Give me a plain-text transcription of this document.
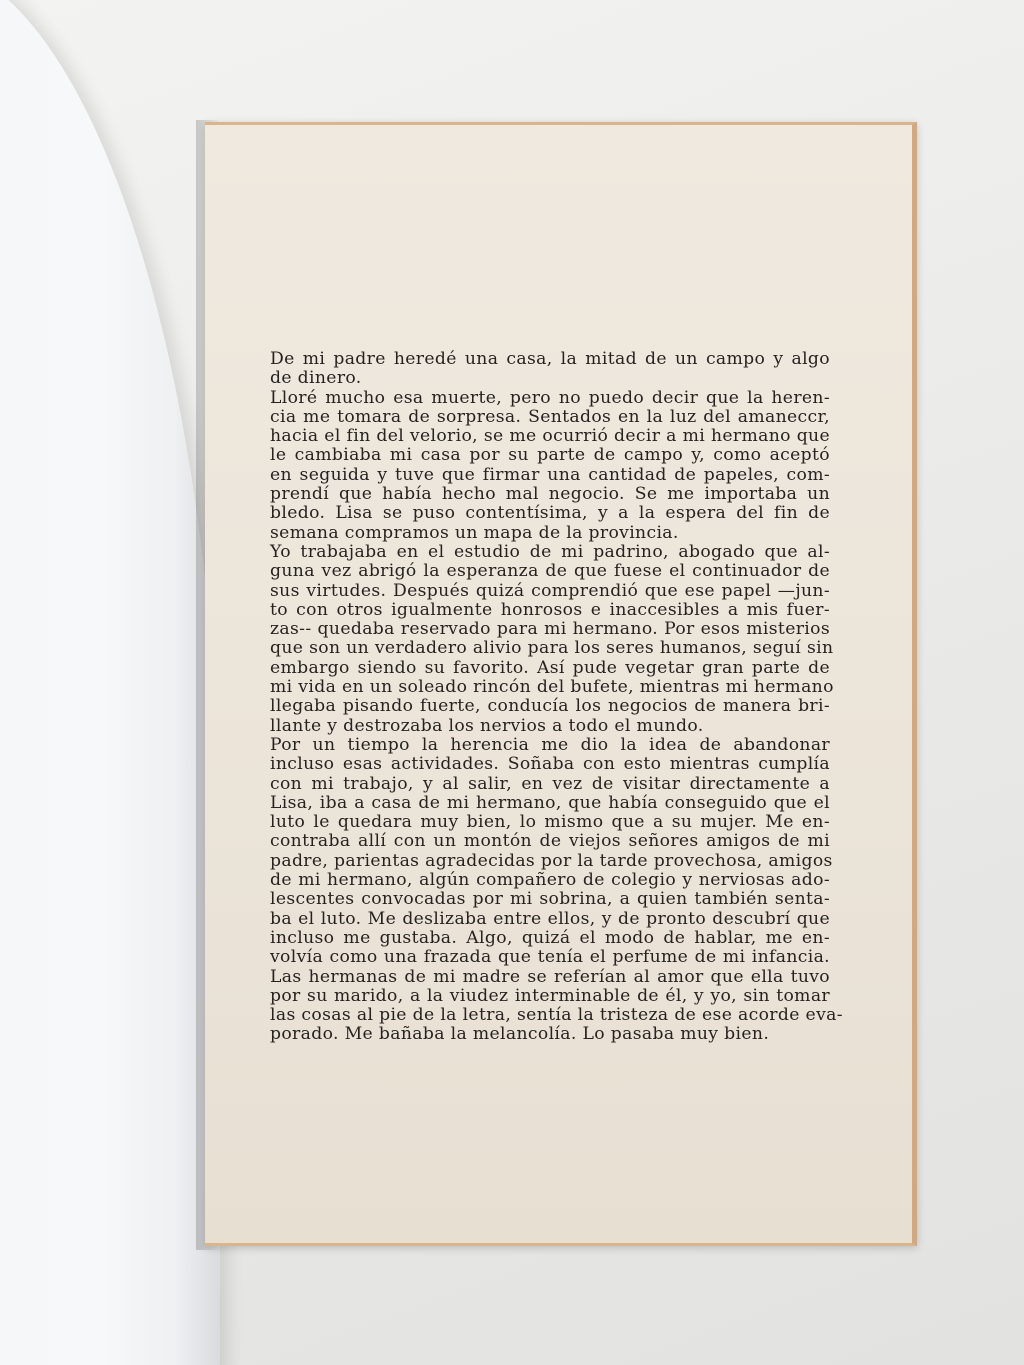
De mi padre heredé una casa, la mitad de un campo y algo
de dinero.
Lloré mucho esa muerte, pero no puedo decir que la heren-
cia me tomara de sorpresa. Sentados en la luz del amaneccr,
hacia el fin del velorio, se me ocurrió decir a mi hermano que
le cambiaba mi casa por su parte de campo y, como aceptó
en seguida y tuve que firmar una cantidad de papeles, com-
prendí que había hecho mal negocio. Se me importaba un
bledo. Lisa se puso contentísima, y a la espera del fin de
semana compramos un mapa de la provincia.
Yo trabajaba en el estudio de mi padrino, abogado que al-
guna vez abrigó la esperanza de que fuese el continuador de
sus virtudes. Después quizá comprendió que ese papel —jun-
to con otros igualmente honrosos e inaccesibles a mis fuer-
zas-- quedaba reservado para mi hermano. Por esos misterios
que son un verdadero alivio para los seres humanos, seguí sin
embargo siendo su favorito. Así pude vegetar gran parte de
mi vida en un soleado rincón del bufete, mientras mi hermano
llegaba pisando fuerte, conducía los negocios de manera bri-
llante y destrozaba los nervios a todo el mundo.
Por un tiempo la herencia me dio la idea de abandonar
incluso esas actividades. Soñaba con esto mientras cumplía
con mi trabajo, y al salir, en vez de visitar directamente a
Lisa, iba a casa de mi hermano, que había conseguido que el
luto le quedara muy bien, lo mismo que a su mujer. Me en-
contraba allí con un montón de viejos señores amigos de mi
padre, parientas agradecidas por la tarde provechosa, amigos
de mi hermano, algún compañero de colegio y nerviosas ado-
lescentes convocadas por mi sobrina, a quien también senta-
ba el luto. Me deslizaba entre ellos, y de pronto descubrí que
incluso me gustaba. Algo, quizá el modo de hablar, me en-
volvía como una frazada que tenía el perfume de mi infancia.
Las hermanas de mi madre se referían al amor que ella tuvo
por su marido, a la viudez interminable de él, y yo, sin tomar
las cosas al pie de la letra, sentía la tristeza de ese acorde eva-
porado. Me bañaba la melancolía. Lo pasaba muy bien.
